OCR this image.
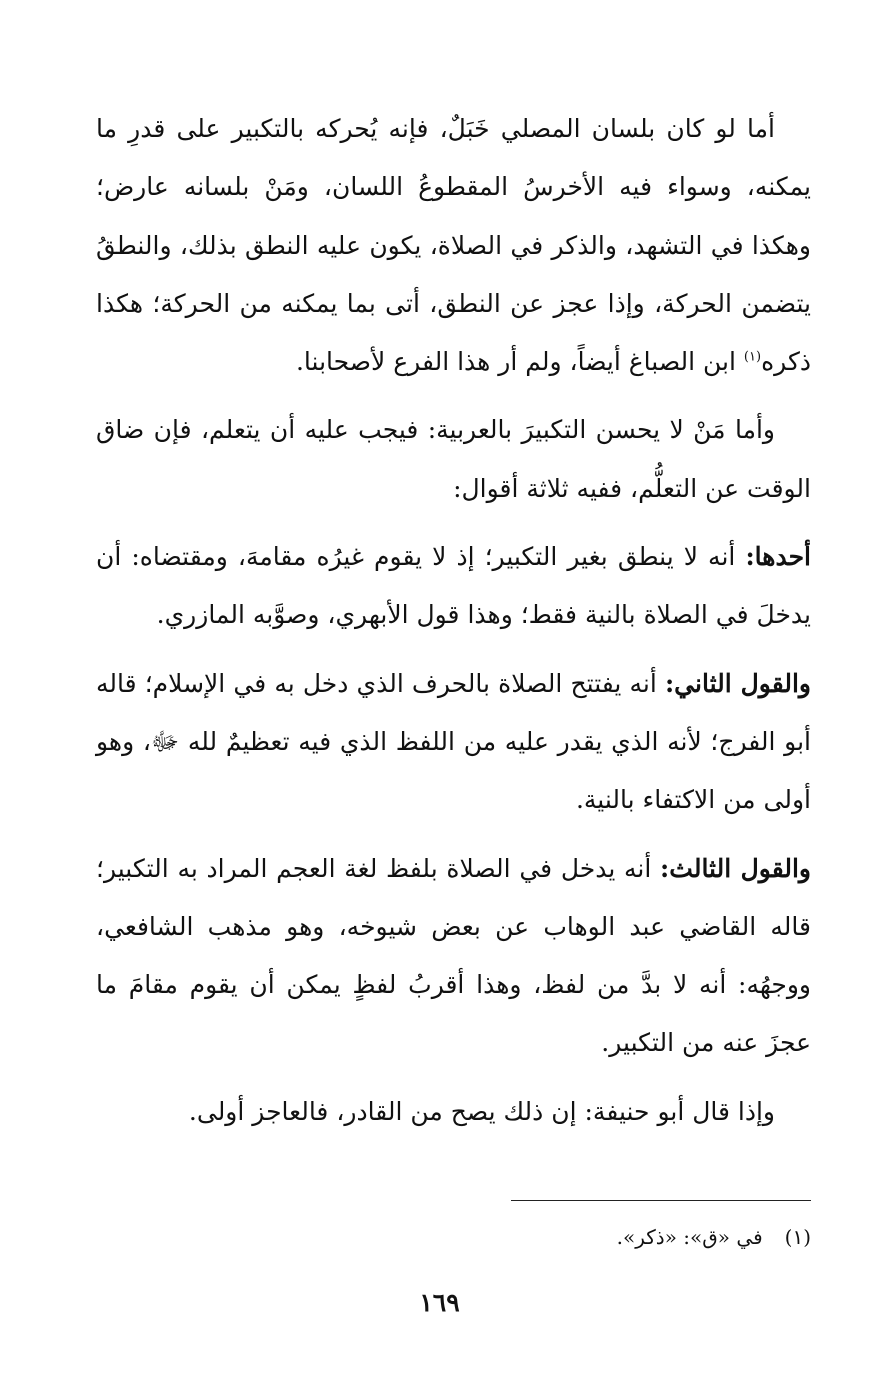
أما لو كان بلسان المصلي خَبَلٌ، فإنه يُحركه بالتكبير على قدرِ ما يمكنه، وسواء فيه الأخرسُ المقطوعُ اللسان، ومَنْ بلسانه عارض؛ وهكذا في التشهد، والذكر في الصلاة، يكون عليه النطق بذلك، والنطقُ يتضمن الحركة، وإذا عجز عن النطق، أتى بما يمكنه من الحركة؛ هكذا ذكره$^{(١)}$ ابن الصباغ أيضاً، ولم أر هذا الفرع لأصحابنا.

وأما مَنْ لا يحسن التكبيرَ بالعربية: فيجب عليه أن يتعلم، فإن ضاق الوقت عن التعلُّم، ففيه ثلاثة أقوال:

أحدها: أنه لا ينطق بغير التكبير؛ إذ لا يقوم غيرُه مقامهَ، ومقتضاه: أن يدخلَ في الصلاة بالنية فقط؛ وهذا قول الأبهري، وصوَّبه المازري.

والقول الثاني: أنه يفتتح الصلاة بالحرف الذي دخل به في الإسلام؛ قاله أبو الفرج؛ لأنه الذي يقدر عليه من اللفظ الذي فيه تعظيمٌ لله ﷻ، وهو أولى من الاكتفاء بالنية.

والقول الثالث: أنه يدخل في الصلاة بلفظ لغة العجم المراد به التكبير؛ قاله القاضي عبد الوهاب عن بعض شيوخه، وهو مذهب الشافعي، ووجهُه: أنه لا بدَّ من لفظ، وهذا أقربُ لفظٍ يمكن أن يقوم مقامَ ما عجزَ عنه من التكبير.

وإذا قال أبو حنيفة: إن ذلك يصح من القادر، فالعاجز أولى.

(١)
في «ق»: «ذكر».
١٦٩
